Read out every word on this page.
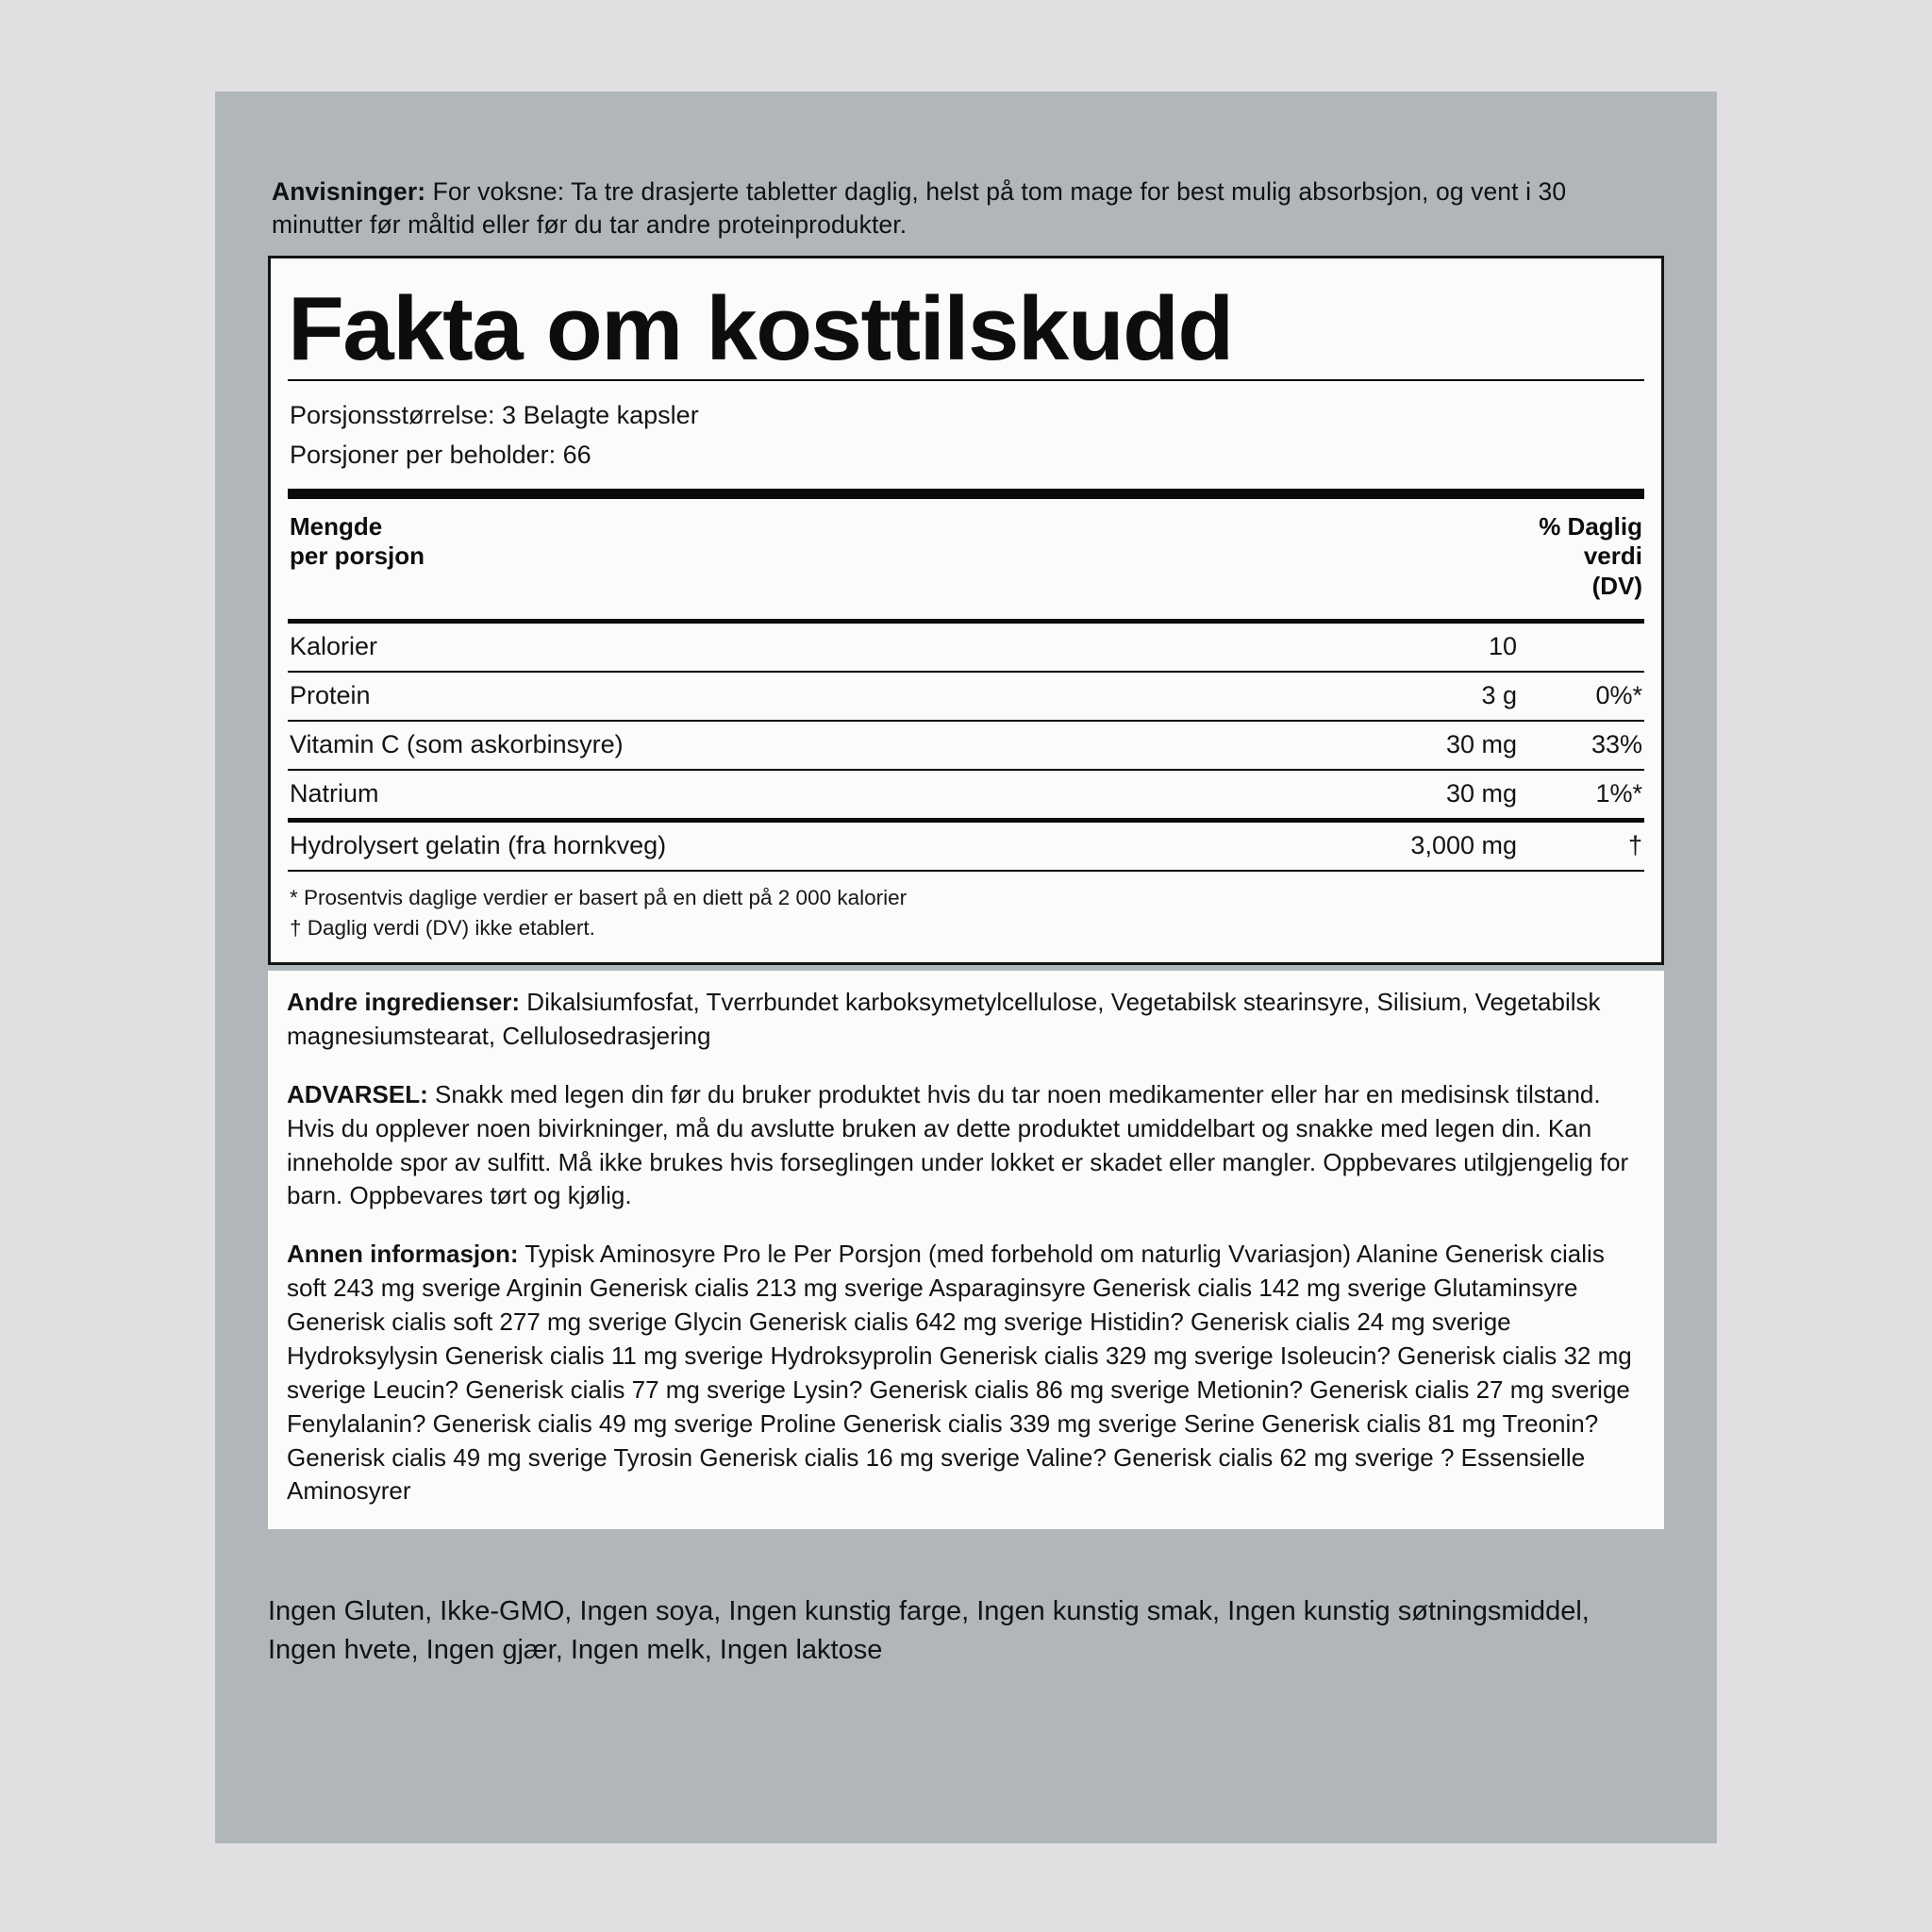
Anvisninger: For voksne: Ta tre drasjerte tabletter daglig, helst på tom mage for best mulig absorbsjon, og vent i 30 minutter før måltid eller før du tar andre proteinprodukter.

Fakta om kosttilskudd
Porsjonsstørrelse: 3 Belagte kapsler
Porsjoner per beholder: 66
Mengde
per porsjon
% Daglig
verdi
(DV)
Kalorier	10
Protein	3 g	0%*
Vitamin C (som askorbinsyre)	30 mg	33%
Natrium	30 mg	1%*
Hydrolysert gelatin (fra hornkveg)	3,000 mg	†
* Prosentvis daglige verdier er basert på en diett på 2 000 kalorier
† Daglig verdi (DV) ikke etablert.

Andre ingredienser: Dikalsiumfosfat, Tverrbundet karboksymetylcellulose, Vegetabilsk stearinsyre, Silisium, Vegetabilsk magnesiumstearat, Cellulosedrasjering

ADVARSEL: Snakk med legen din før du bruker produktet hvis du tar noen medikamenter eller har en medisinsk tilstand. Hvis du opplever noen bivirkninger, må du avslutte bruken av dette produktet umiddelbart og snakke med legen din. Kan inneholde spor av sulfitt. Må ikke brukes hvis forseglingen under lokket er skadet eller mangler. Oppbevares utilgjengelig for barn. Oppbevares tørt og kjølig.

Annen informasjon: Typisk Aminosyre Pro le Per Porsjon (med forbehold om naturlig Vvariasjon) Alanine Generisk cialis soft 243 mg sverige Arginin Generisk cialis 213 mg sverige Asparaginsyre Generisk cialis 142 mg sverige Glutaminsyre Generisk cialis soft 277 mg sverige Glycin Generisk cialis 642 mg sverige Histidin? Generisk cialis 24 mg sverige Hydroksylysin Generisk cialis 11 mg sverige Hydroksyprolin Generisk cialis 329 mg sverige Isoleucin? Generisk cialis 32 mg sverige Leucin? Generisk cialis 77 mg sverige Lysin? Generisk cialis 86 mg sverige Metionin? Generisk cialis 27 mg sverige Fenylalanin? Generisk cialis 49 mg sverige Proline Generisk cialis 339 mg sverige Serine Generisk cialis 81 mg Treonin? Generisk cialis 49 mg sverige Tyrosin Generisk cialis 16 mg sverige Valine? Generisk cialis 62 mg sverige ? Essensielle Aminosyrer

Ingen Gluten, Ikke-GMO, Ingen soya, Ingen kunstig farge, Ingen kunstig smak, Ingen kunstig søtningsmiddel, Ingen hvete, Ingen gjær, Ingen melk, Ingen laktose
